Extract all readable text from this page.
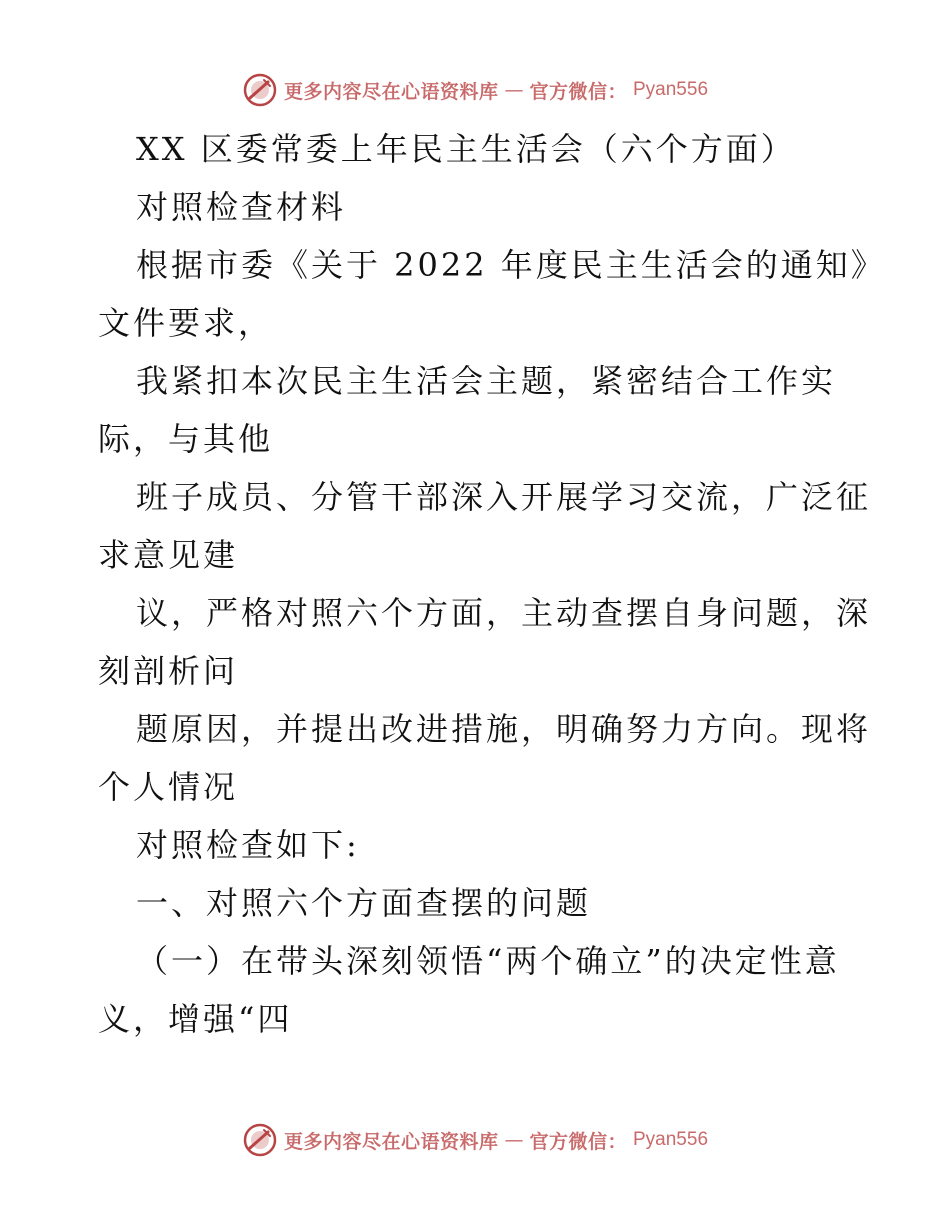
更多内容尽在心语资料库 — 官方微信： Pyan556
XX 区委常委上年民主生活会（六个方面）
对照检查材料
根据市委《关于 2022 年度民主生活会的通知》
文件要求，
我紧扣本次民主生活会主题，紧密结合工作实
际，与其他
班子成员、分管干部深入开展学习交流，广泛征
求意见建
议，严格对照六个方面，主动查摆自身问题，深
刻剖析问
题原因，并提出改进措施，明确努力方向。现将
个人情况
对照检查如下:
一、对照六个方面查摆的问题
（一）在带头深刻领悟“两个确立”的决定性意
义，增强“四
更多内容尽在心语资料库 — 官方微信： Pyan556
